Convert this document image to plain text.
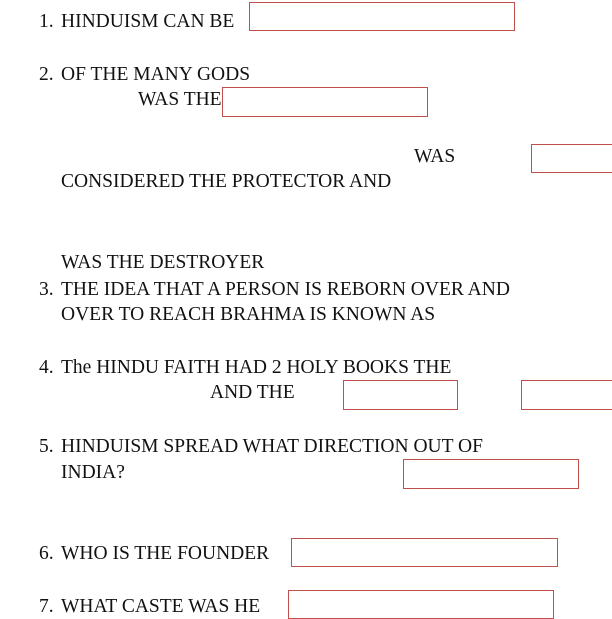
1. HINDUISM CAN BE
2. OF THE MANY GODS
WAS THE
WAS
CONSIDERED THE PROTECTOR AND
WAS THE DESTROYER
3. THE IDEA THAT A PERSON IS REBORN OVER AND
OVER TO REACH BRAHMA IS KNOWN AS
4. The HINDU FAITH HAD 2 HOLY BOOKS THE
AND THE
5. HINDUISM SPREAD WHAT DIRECTION OUT OF
INDIA?
6. WHO IS THE FOUNDER
7. WHAT CASTE WAS HE
